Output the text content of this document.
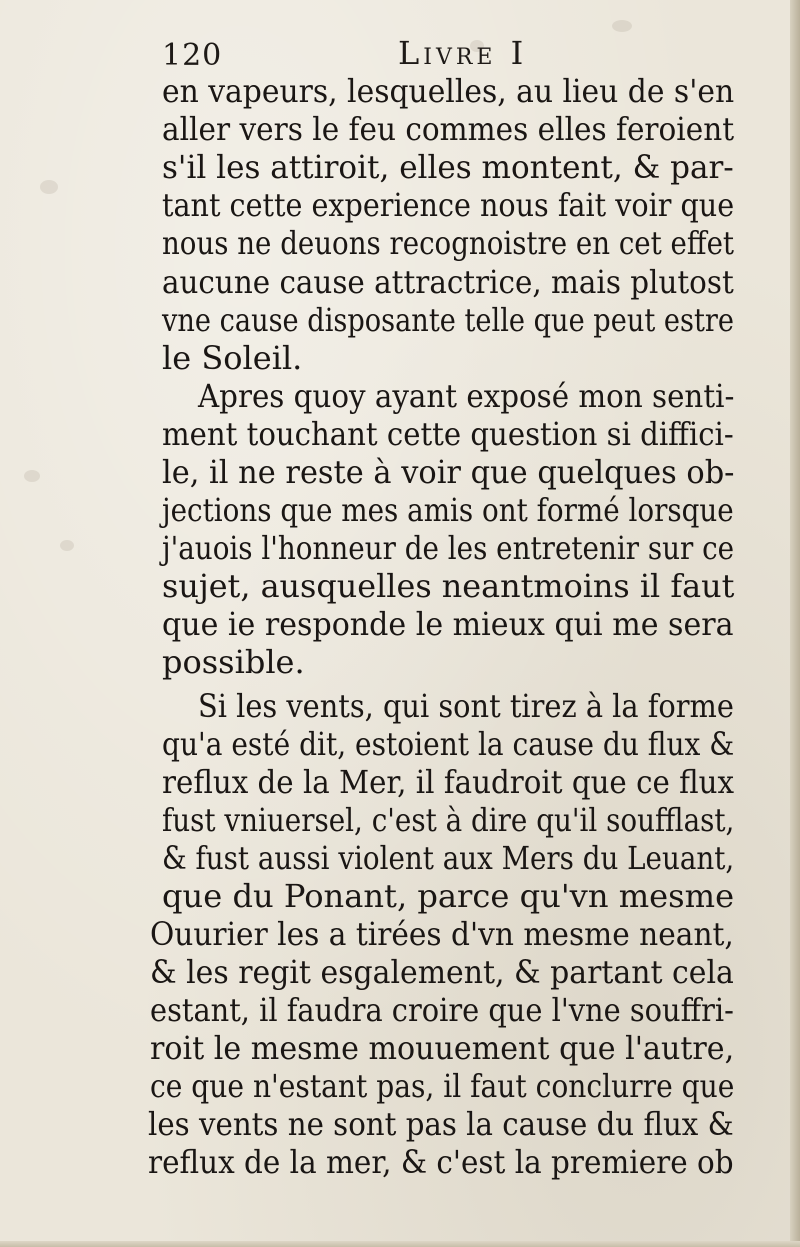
120	Livre I
en vapeurs, lesquelles, au lieu de s'en
aller vers le feu commes elles feroient
s'il les attiroit, elles montent, & par-
tant cette experience nous fait voir que
nous ne deuons recognoistre en cet effet
aucune cause attractrice, mais plutost
vne cause disposante telle que peut estre
le Soleil.
Apres quoy ayant exposé mon senti-
ment touchant cette question si diffici-
le, il ne reste à voir que quelques ob-
jections que mes amis ont formé lorsque
j'auois l'honneur de les entretenir sur ce
sujet, ausquelles neantmoins il faut
que ie responde le mieux qui me sera
possible.
Si les vents, qui sont tirez à la forme
qu'a esté dit, estoient la cause du flux &
reflux de la Mer, il faudroit que ce flux
fust vniuersel, c'est à dire qu'il soufflast,
& fust aussi violent aux Mers du Leuant,
que du Ponant, parce qu'vn mesme
Ouurier les a tirées d'vn mesme neant,
& les regit esgalement, & partant cela
estant, il faudra croire que l'vne souffri-
roit le mesme mouuement que l'autre,
ce que n'estant pas, il faut conclurre que
les vents ne sont pas la cause du flux &
reflux de la mer, & c'est la premiere ob
